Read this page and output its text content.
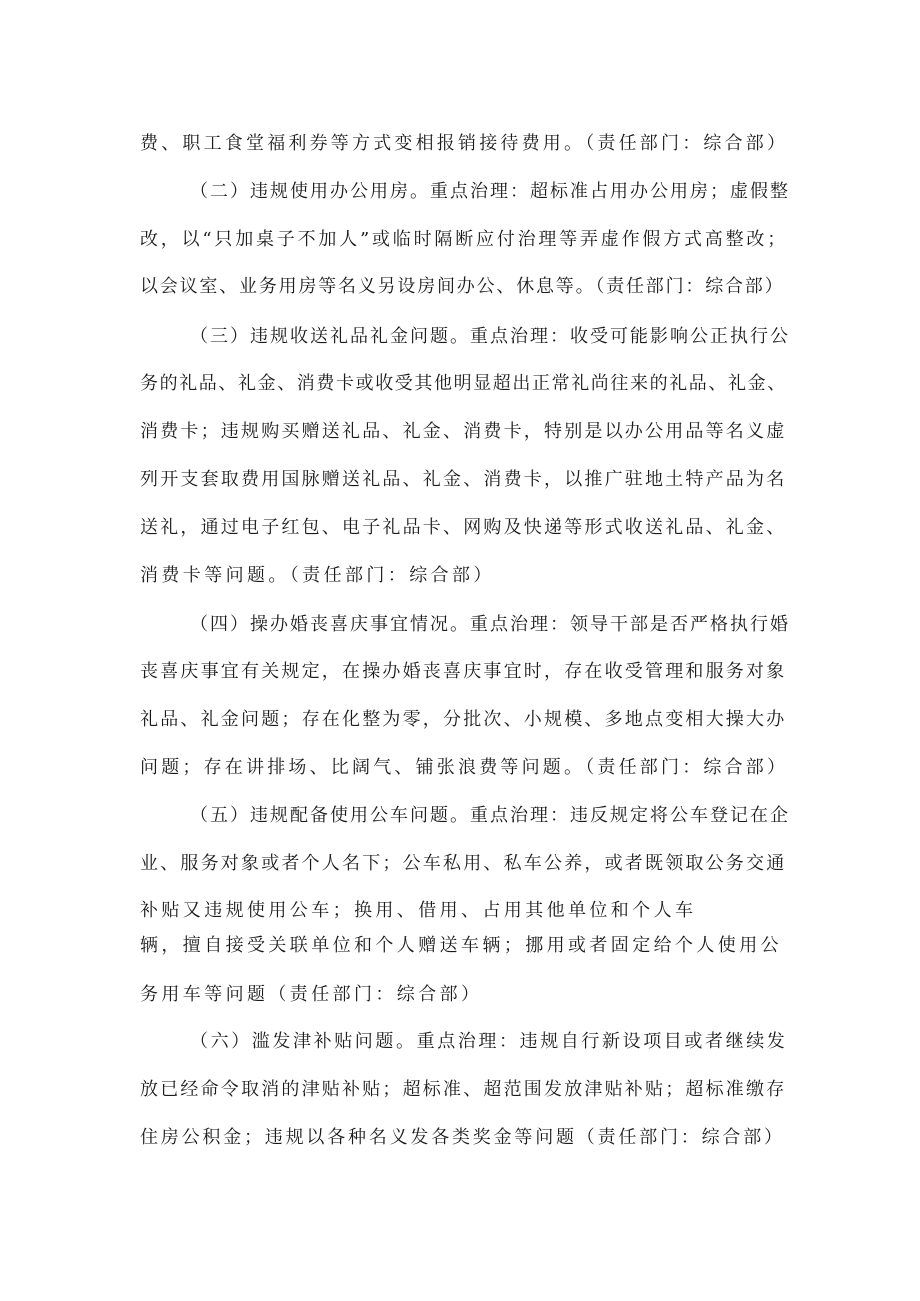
费、职工食堂福利券等方式变相报销接待费用。（责任部门：综合部）
（二）违规使用办公用房。重点治理：超标准占用办公用房；虚假整
改，以“只加桌子不加人”或临时隔断应付治理等弄虚作假方式高整改；
以会议室、业务用房等名义另设房间办公、休息等。（责任部门：综合部）
（三）违规收送礼品礼金问题。重点治理：收受可能影响公正执行公
务的礼品、礼金、消费卡或收受其他明显超出正常礼尚往来的礼品、礼金、
消费卡；违规购买赠送礼品、礼金、消费卡，特别是以办公用品等名义虚
列开支套取费用国脉赠送礼品、礼金、消费卡，以推广驻地土特产品为名
送礼，通过电子红包、电子礼品卡、网购及快递等形式收送礼品、礼金、
消费卡等问题。（责任部门：综合部）
（四）操办婚丧喜庆事宜情况。重点治理：领导干部是否严格执行婚
丧喜庆事宜有关规定，在操办婚丧喜庆事宜时，存在收受管理和服务对象
礼品、礼金问题；存在化整为零，分批次、小规模、多地点变相大操大办
问题；存在讲排场、比阔气、铺张浪费等问题。（责任部门：综合部）
（五）违规配备使用公车问题。重点治理：违反规定将公车登记在企
业、服务对象或者个人名下；公车私用、私车公养，或者既领取公务交通
补贴又违规使用公车；换用、借用、占用其他单位和个人车
辆，擅自接受关联单位和个人赠送车辆；挪用或者固定给个人使用公
务用车等问题（责任部门：综合部）
（六）滥发津补贴问题。重点治理：违规自行新设项目或者继续发
放已经命令取消的津贴补贴；超标准、超范围发放津贴补贴；超标准缴存
住房公积金；违规以各种名义发各类奖金等问题（责任部门：综合部）
